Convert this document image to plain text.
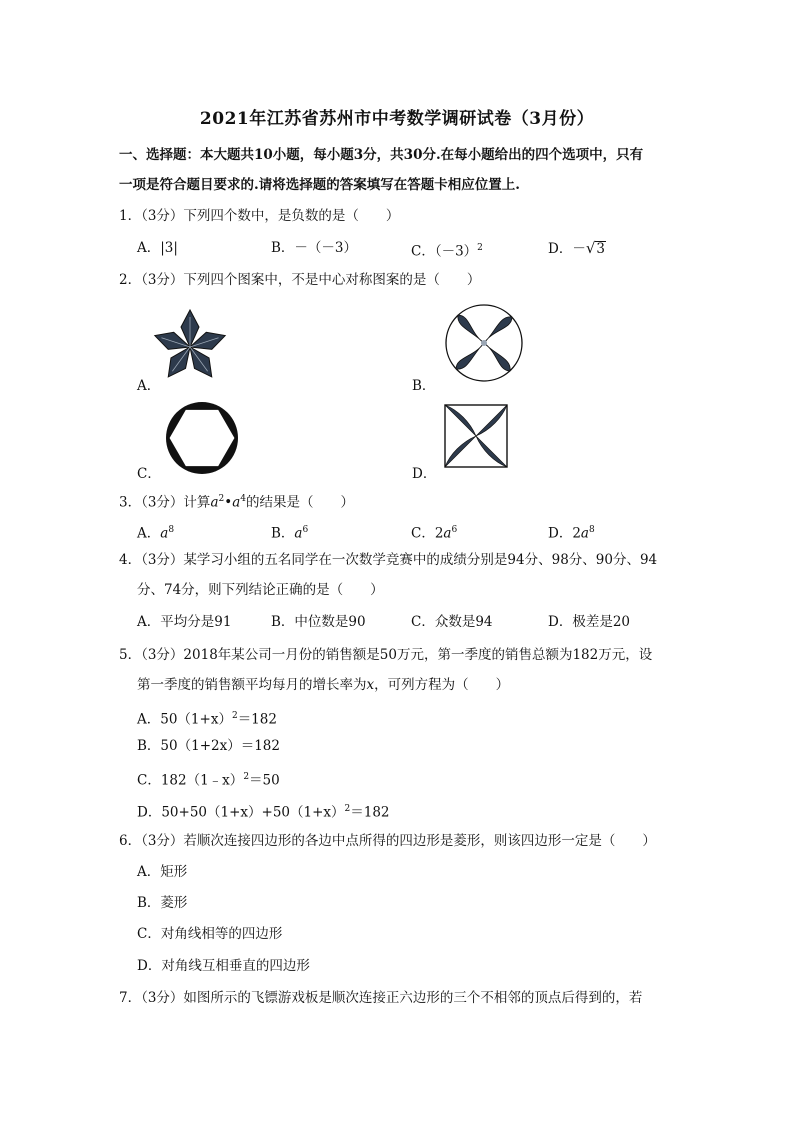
2021年江苏省苏州市中考数学调研试卷（3月份）
一、选择题：本大题共10小题，每小题3分，共30分.在每小题给出的四个选项中，只有
一项是符合题目要求的.请将选择题的答案填写在答题卡相应位置上.
1．（3分）下列四个数中，是负数的是（　　）
A．|3|	B．－（－3）	C．$(-3)^2$	D．－√3
2．（3分）下列四个图案中，不是中心对称图案的是（　　）
A．	B．
C．	D．
3．（3分）计算$a^2•a^4$的结果是（　　）
A．$a^8$	B．$a^6$	C．$2a^6$	D．$2a^8$
4．（3分）某学习小组的五名同学在一次数学竞赛中的成绩分别是94分、98分、90分、94
分、74分，则下列结论正确的是（　　）
A．平均分是91	B．中位数是90	C．众数是94	D．极差是20
5．（3分）2018年某公司一月份的销售额是50万元，第一季度的销售总额为182万元，设
第一季度的销售额平均每月的增长率为x，可列方程为（　　）
A．$50(1+x)^2=182$
B．50（1+2x）＝182
C．182（1﹣x）$^2$＝50
D．$50+50(1+x)+50(1+x)^2=182$
6．（3分）若顺次连接四边形的各边中点所得的四边形是菱形，则该四边形一定是（　　）
A．矩形
B．菱形
C．对角线相等的四边形
D．对角线互相垂直的四边形
7．（3分）如图所示的飞镖游戏板是顺次连接正六边形的三个不相邻的顶点后得到的，若
